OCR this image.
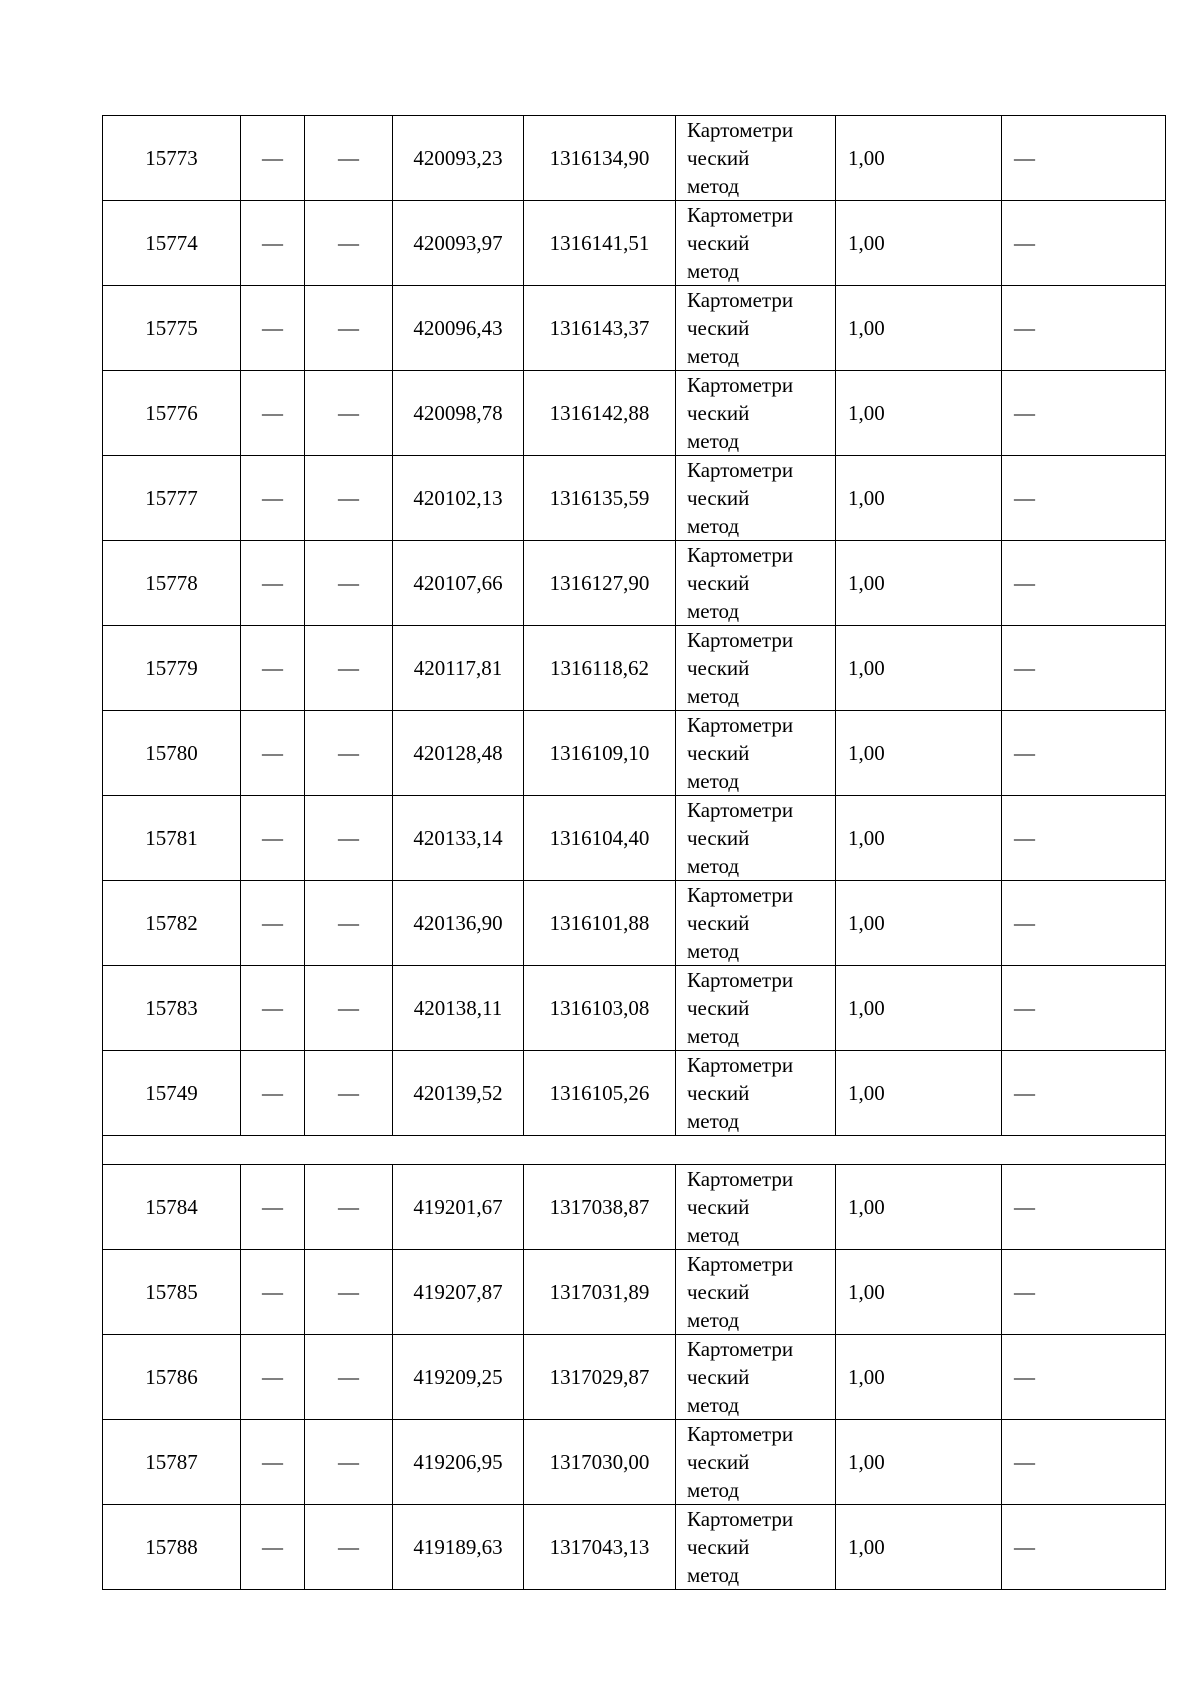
15773	—	—	420093,23	1316134,90	Картометри
ческий
метод	1,00	—
15774	—	—	420093,97	1316141,51	Картометри
ческий
метод	1,00	—
15775	—	—	420096,43	1316143,37	Картометри
ческий
метод	1,00	—
15776	—	—	420098,78	1316142,88	Картометри
ческий
метод	1,00	—
15777	—	—	420102,13	1316135,59	Картометри
ческий
метод	1,00	—
15778	—	—	420107,66	1316127,90	Картометри
ческий
метод	1,00	—
15779	—	—	420117,81	1316118,62	Картометри
ческий
метод	1,00	—
15780	—	—	420128,48	1316109,10	Картометри
ческий
метод	1,00	—
15781	—	—	420133,14	1316104,40	Картометри
ческий
метод	1,00	—
15782	—	—	420136,90	1316101,88	Картометри
ческий
метод	1,00	—
15783	—	—	420138,11	1316103,08	Картометри
ческий
метод	1,00	—
15749	—	—	420139,52	1316105,26	Картометри
ческий
метод	1,00	—

15784	—	—	419201,67	1317038,87	Картометри
ческий
метод	1,00	—
15785	—	—	419207,87	1317031,89	Картометри
ческий
метод	1,00	—
15786	—	—	419209,25	1317029,87	Картометри
ческий
метод	1,00	—
15787	—	—	419206,95	1317030,00	Картометри
ческий
метод	1,00	—
15788	—	—	419189,63	1317043,13	Картометри
ческий
метод	1,00	—
